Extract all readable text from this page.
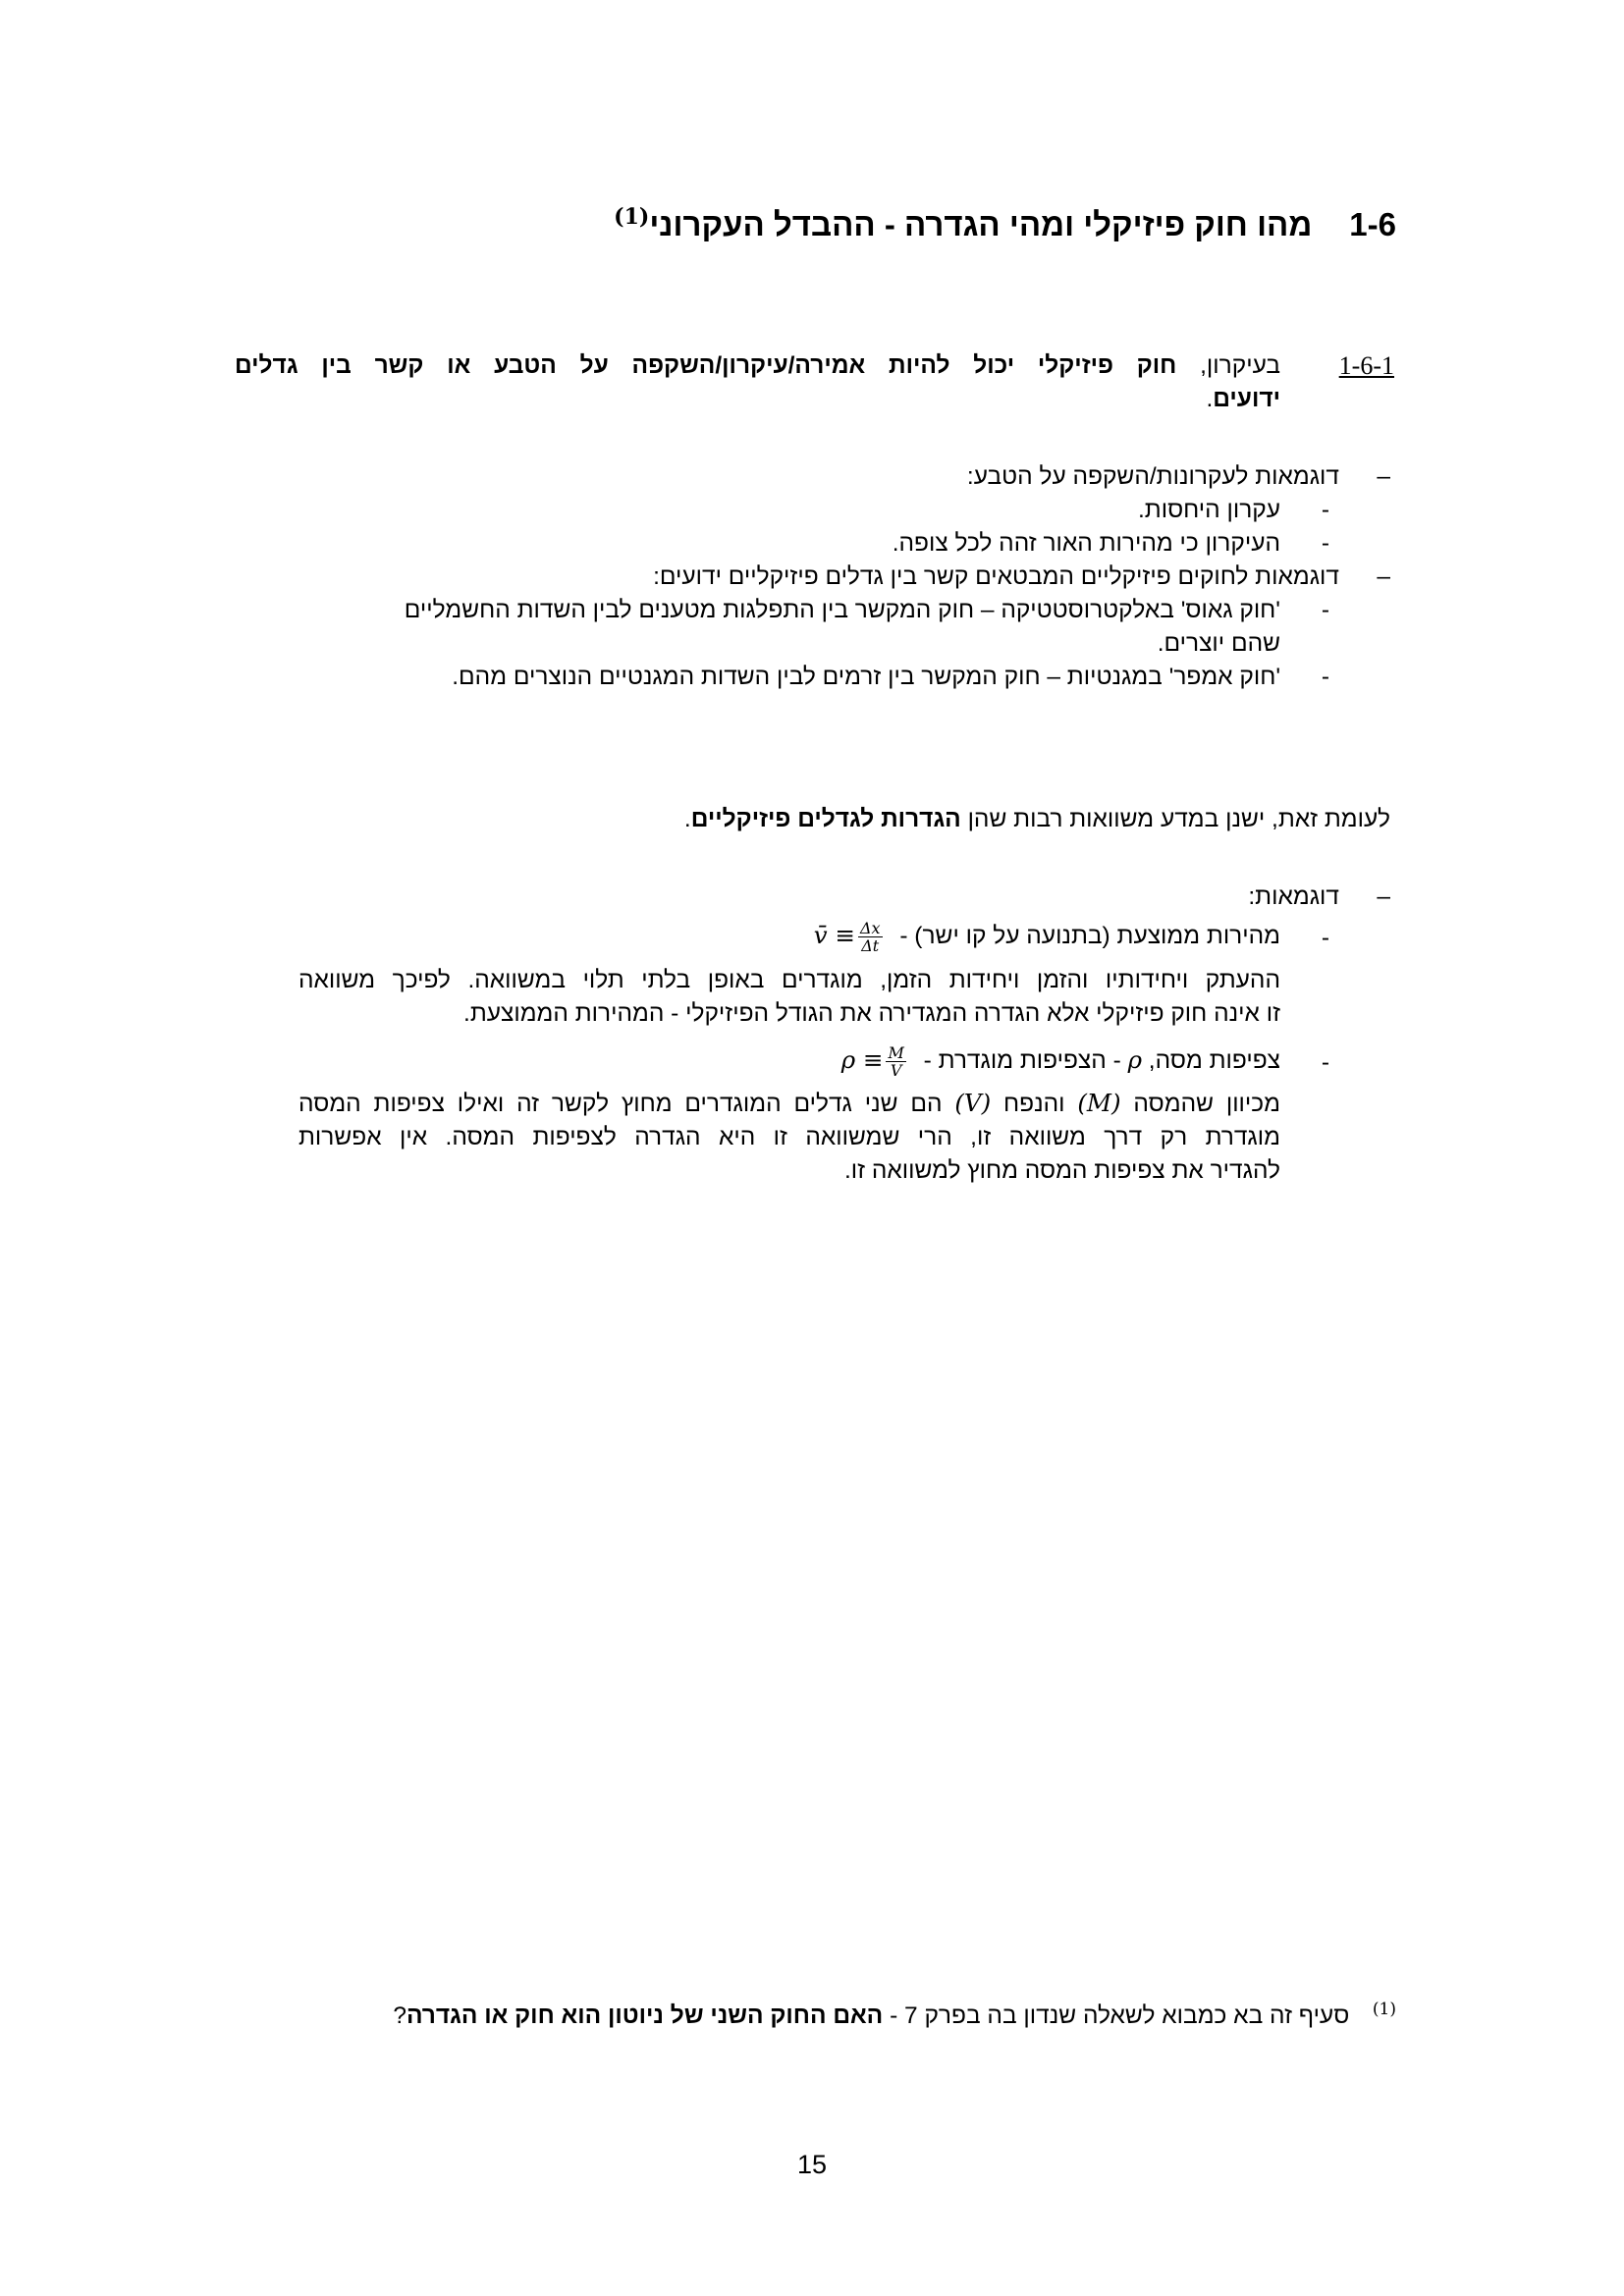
1-6מהו חוק פיזיקלי ומהי הגדרה - ההבדל העקרוני$^{(1)}$
1-6-1
בעיקרון, חוק פיזיקלי יכול להיות אמירה/עיקרון/השקפה על הטבע או קשר בין גדלים
ידועים.
–
דוגמאות לעקרונות/השקפה על הטבע:
-
עקרון היחסות.
-
העיקרון כי מהירות האור זהה לכל צופה.
–
דוגמאות לחוקים פיזיקליים המבטאים קשר בין גדלים פיזיקליים ידועים:
-
'חוק גאוס' באלקטרוסטטיקה – חוק המקשר בין התפלגות מטענים לבין השדות החשמליים
שהם יוצרים.
-
'חוק אמפר' במגנטיות – חוק המקשר בין זרמים לבין השדות המגנטיים הנוצרים מהם.
לעומת זאת, ישנן במדע משוואות רבות שהן הגדרות לגדלים פיזיקליים.
–
דוגמאות:
-
מהירות ממוצעת (בתנועה על קו ישר) - v̄ ≡ $\frac{\Delta x}{\Delta t}$
ההעתק ויחידותיו והזמן ויחידות הזמן, מוגדרים באופן בלתי תלוי במשוואה. לפיכך משוואה
זו אינה חוק פיזיקלי אלא הגדרה המגדירה את הגודל הפיזיקלי - המהירות הממוצעת.
-
צפיפות מסה, ρ - הצפיפות מוגדרת - $\rho \equiv \frac{M}{V}$
מכיוון שהמסה (M) והנפח (V) הם שני גדלים המוגדרים מחוץ לקשר זה ואילו צפיפות המסה
מוגדרת רק דרך משוואה זו, הרי שמשוואה זו היא הגדרה לצפיפות המסה. אין אפשרות
להגדיר את צפיפות המסה מחוץ למשוואה זו.
$^{(1)}$  סעיף זה בא כמבוא לשאלה שנדון בה בפרק 7 - האם החוק השני של ניוטון הוא חוק או הגדרה?
15
